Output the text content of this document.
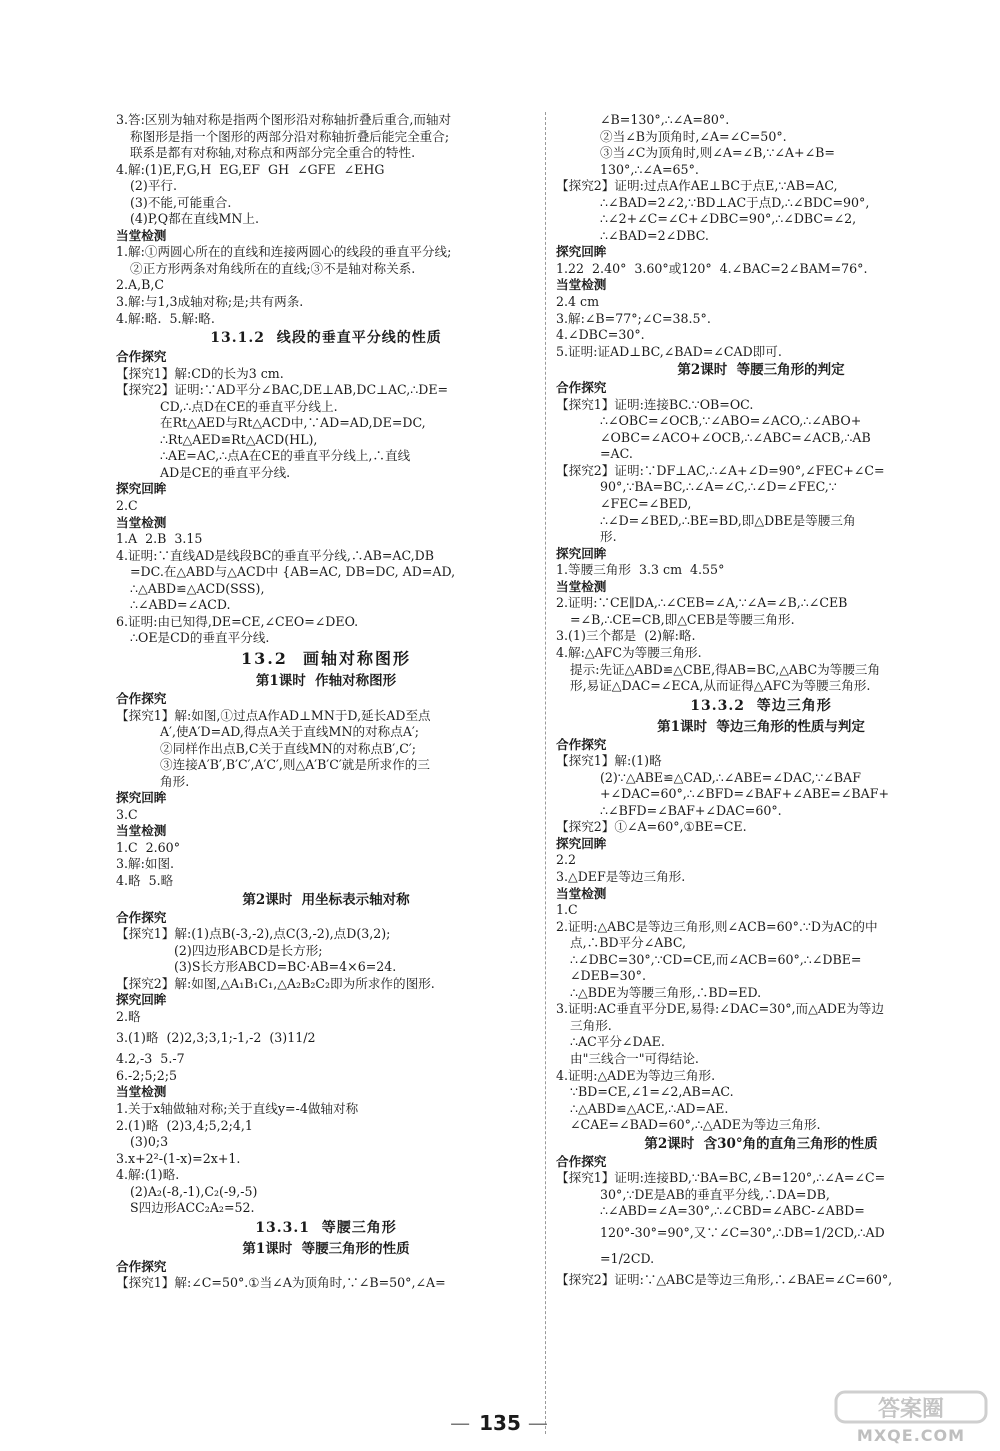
3.答:区别为轴对称是指两个图形沿对称轴折叠后重合,而轴对
称图形是指一个图形的两部分沿对称轴折叠后能完全重合;
联系是都有对称轴,对称点和两部分完全重合的特性.
4.解:(1)E,F,G,H  EG,EF  GH  ∠GFE  ∠EHG
(2)平行.
(3)不能,可能重合.
(4)P,Q都在直线MN上.
当堂检测
1.解:①两圆心所在的直线和连接两圆心的线段的垂直平分线;
②正方形两条对角线所在的直线;③不是轴对称关系.
2.A,B,C
3.解:与1,3成轴对称;是;共有两条.
4.解:略.  5.解:略.
13.1.2  线段的垂直平分线的性质
合作探究
【探究1】解:CD的长为3 cm.
【探究2】证明:∵AD平分∠BAC,DE⊥AB,DC⊥AC,∴DE=
CD,∴点D在CE的垂直平分线上.
在Rt△AED与Rt△ACD中,∵AD=AD,DE=DC,
∴Rt△AED≌Rt△ACD(HL),
∴AE=AC,∴点A在CE的垂直平分线上,∴直线
AD是CE的垂直平分线.
探究回眸
2.C
当堂检测
1.A  2.B  3.15
4.证明:∵直线AD是线段BC的垂直平分线,∴AB=AC,DB
=DC.在△ABD与△ACD中 {AB=AC, DB=DC, AD=AD,
∴△ABD≌△ACD(SSS),
∴∠ABD=∠ACD.
6.证明:由已知得,DE=CE,∠CEO=∠DEO.
∴OE是CD的垂直平分线.
13.2  画轴对称图形
第1课时  作轴对称图形
合作探究
【探究1】解:如图,①过点A作AD⊥MN于D,延长AD至点
A′,使A′D=AD,得点A关于直线MN的对称点A′;
②同样作出点B,C关于直线MN的对称点B′,C′;
③连接A′B′,B′C′,A′C′,则△A′B′C′就是所求作的三
角形.
探究回眸
3.C
当堂检测
1.C  2.60°
3.解:如图.
4.略  5.略
第2课时  用坐标表示轴对称
合作探究
【探究1】解:(1)点B(-3,-2),点C(3,-2),点D(3,2);
(2)四边形ABCD是长方形;
(3)S长方形ABCD=BC·AB=4×6=24.
【探究2】解:如图,△A₁B₁C₁,△A₂B₂C₂即为所求作的图形.
探究回眸
2.略
3.(1)略  (2)2,3;3,1;-1,-2  (3)11/2
4.2,-3  5.-7
6.-2;5;2;5
当堂检测
1.关于x轴做轴对称;关于直线y=-4做轴对称
2.(1)略  (2)3,4;5,2;4,1
(3)0;3
3.x+2²-(1-x)=2x+1.
4.解:(1)略.
(2)A₂(-8,-1),C₂(-9,-5)
S四边形ACC₂A₂=52.
13.3.1  等腰三角形
第1课时  等腰三角形的性质
合作探究
【探究1】解:∠C=50°.①当∠A为顶角时,∵∠B=50°,∠A=
∠B=130°,∴∠A=80°.
②当∠B为顶角时,∠A=∠C=50°.
③当∠C为顶角时,则∠A=∠B,∵∠A+∠B=
130°,∴∠A=65°.
【探究2】证明:过点A作AE⊥BC于点E,∵AB=AC,
∴∠BAD=2∠2,∵BD⊥AC于点D,∴∠BDC=90°,
∴∠2+∠C=∠C+∠DBC=90°,∴∠DBC=∠2,
∴∠BAD=2∠DBC.
探究回眸
1.22  2.40°  3.60°或120°  4.∠BAC=2∠BAM=76°.
当堂检测
2.4 cm
3.解:∠B=77°;∠C=38.5°.
4.∠DBC=30°.
5.证明:证AD⊥BC,∠BAD=∠CAD即可.
第2课时  等腰三角形的判定
合作探究
【探究1】证明:连接BC.∵OB=OC.
∴∠OBC=∠OCB,∵∠ABO=∠ACO,∴∠ABO+
∠OBC=∠ACO+∠OCB,∴∠ABC=∠ACB,∴AB
=AC.
【探究2】证明:∵DF⊥AC,∴∠A+∠D=90°,∠FEC+∠C=
90°,∵BA=BC,∴∠A=∠C,∴∠D=∠FEC,∵
∠FEC=∠BED,
∴∠D=∠BED,∴BE=BD,即△DBE是等腰三角
形.
探究回眸
1.等腰三角形  3.3 cm  4.55°
当堂检测
2.证明:∵CE∥DA,∴∠CEB=∠A,∵∠A=∠B,∴∠CEB
=∠B,∴CE=CB,即△CEB是等腰三角形.
3.(1)三个都是  (2)解:略.
4.解:△AFC为等腰三角形.
提示:先证△ABD≌△CBE,得AB=BC,△ABC为等腰三角
形,易证△DAC=∠ECA,从而证得△AFC为等腰三角形.
13.3.2  等边三角形
第1课时  等边三角形的性质与判定
合作探究
【探究1】解:(1)略
(2)∵△ABE≌△CAD,∴∠ABE=∠DAC,∵∠BAF
+∠DAC=60°,∴∠BFD=∠BAF+∠ABE=∠BAF+
∴∠BFD=∠BAF+∠DAC=60°.
【探究2】①∠A=60°,①BE=CE.
探究回眸
2.2
3.△DEF是等边三角形.
当堂检测
1.C
2.证明:△ABC是等边三角形,则∠ACB=60°.∵D为AC的中
点,∴BD平分∠ABC,
∴∠DBC=30°,∵CD=CE,而∠ACB=60°,∴∠DBE=
∠DEB=30°.
∴△BDE为等腰三角形,∴BD=ED.
3.证明:AC垂直平分DE,易得:∠DAC=30°,而△ADE为等边
三角形.
∴AC平分∠DAE.
由"三线合一"可得结论.
4.证明:△ADE为等边三角形.
∵BD=CE,∠1=∠2,AB=AC.
∴△ABD≌△ACE,∴AD=AE.
∠CAE=∠BAD=60°,∴△ADE为等边三角形.
第2课时  含30°角的直角三角形的性质
合作探究
【探究1】证明:连接BD,∵BA=BC,∠B=120°,∴∠A=∠C=
30°,∵DE是AB的垂直平分线,∴DA=DB,
∴∠ABD=∠A=30°,∴∠CBD=∠ABC-∠ABD=
120°-30°=90°,又∵∠C=30°,∴DB=1/2CD,∴AD
=1/2CD.
【探究2】证明:∵△ABC是等边三角形,∴∠BAE=∠C=60°,
— 135 —
答案圈
MXQE.COM
